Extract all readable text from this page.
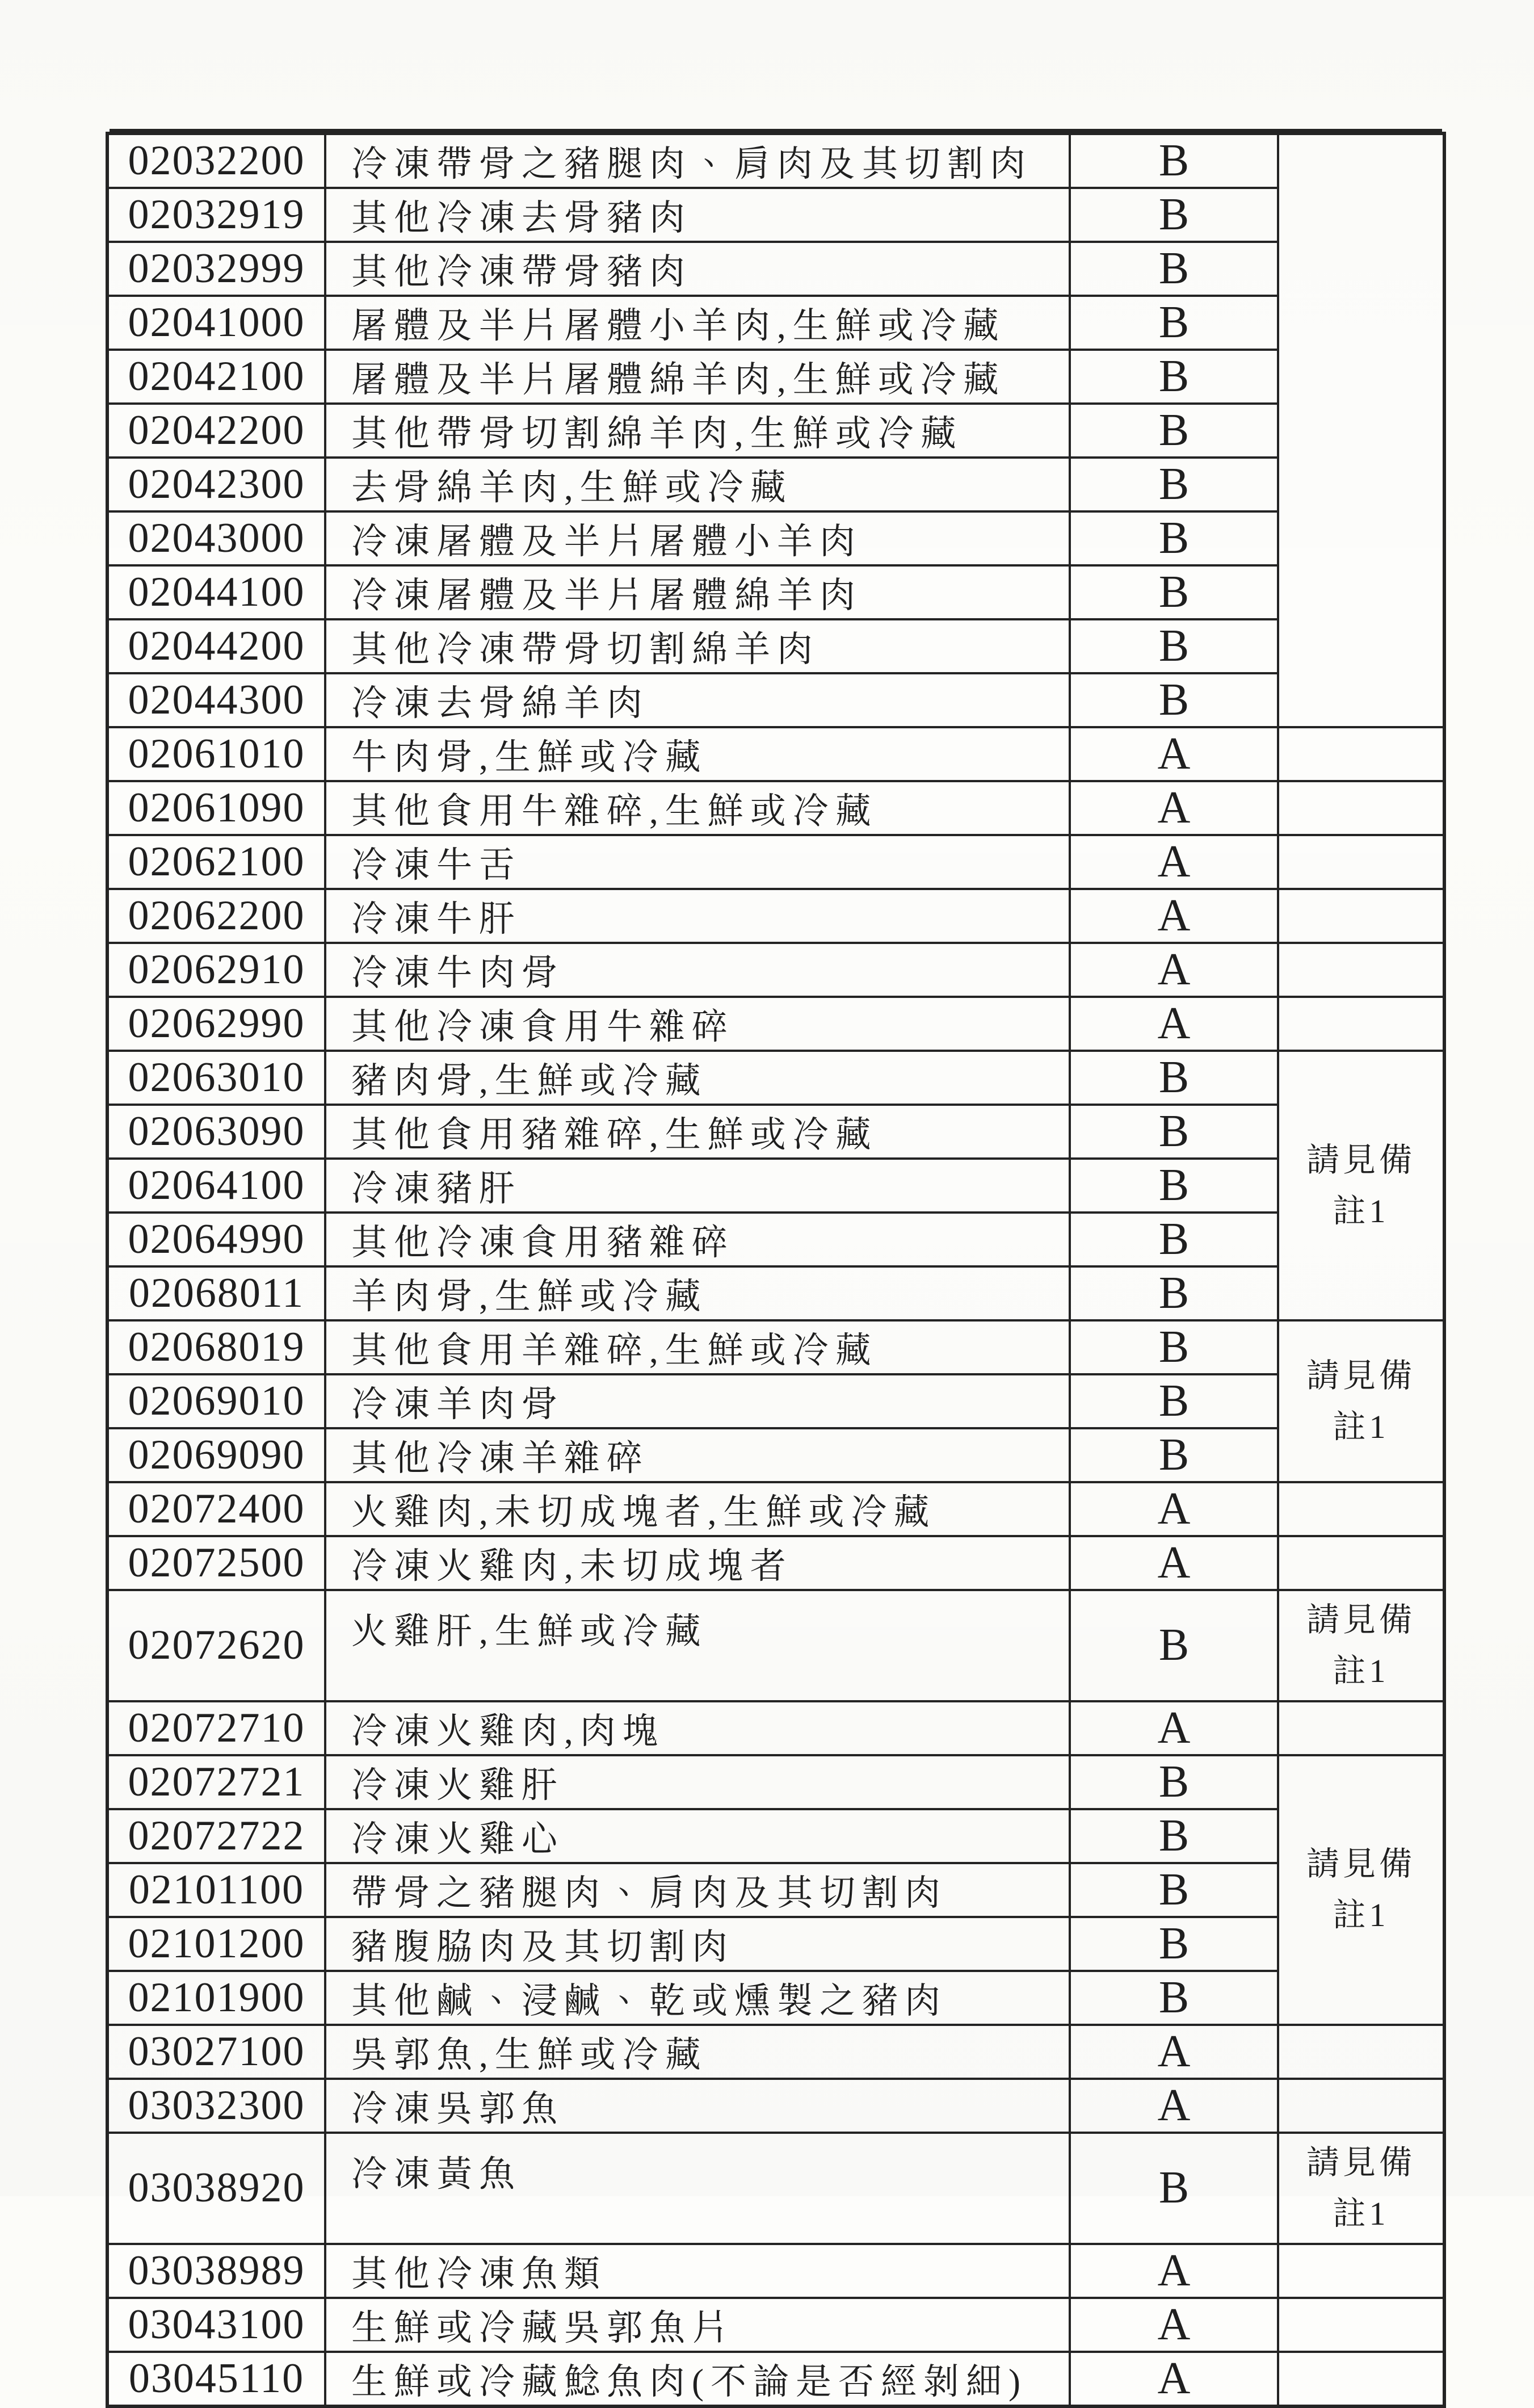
02032200	冷凍帶骨之豬腿肉、肩肉及其切割肉	B	
02032919	其他冷凍去骨豬肉	B	
02032999	其他冷凍帶骨豬肉	B	
02041000	屠體及半片屠體小羊肉,生鮮或冷藏	B	
02042100	屠體及半片屠體綿羊肉,生鮮或冷藏	B	
02042200	其他帶骨切割綿羊肉,生鮮或冷藏	B	
02042300	去骨綿羊肉,生鮮或冷藏	B	
02043000	冷凍屠體及半片屠體小羊肉	B	
02044100	冷凍屠體及半片屠體綿羊肉	B	
02044200	其他冷凍帶骨切割綿羊肉	B	
02044300	冷凍去骨綿羊肉	B	
02061010	牛肉骨,生鮮或冷藏	A	
02061090	其他食用牛雜碎,生鮮或冷藏	A	
02062100	冷凍牛舌	A	
02062200	冷凍牛肝	A	
02062910	冷凍牛肉骨	A	
02062990	其他冷凍食用牛雜碎	A	
02063010	豬肉骨,生鮮或冷藏	B	請見備註1
02063090	其他食用豬雜碎,生鮮或冷藏	B	
02064100	冷凍豬肝	B	
02064990	其他冷凍食用豬雜碎	B	
02068011	羊肉骨,生鮮或冷藏	B	
02068019	其他食用羊雜碎,生鮮或冷藏	B	請見備註1
02069010	冷凍羊肉骨	B	
02069090	其他冷凍羊雜碎	B	
02072400	火雞肉,未切成塊者,生鮮或冷藏	A	
02072500	冷凍火雞肉,未切成塊者	A	
02072620	火雞肝,生鮮或冷藏	B	請見備註1
02072710	冷凍火雞肉,肉塊	A	
02072721	冷凍火雞肝	B	請見備註1
02072722	冷凍火雞心	B	
02101100	帶骨之豬腿肉、肩肉及其切割肉	B	
02101200	豬腹脇肉及其切割肉	B	
02101900	其他鹹、浸鹹、乾或燻製之豬肉	B	
03027100	吳郭魚,生鮮或冷藏	A	
03032300	冷凍吳郭魚	A	
03038920	冷凍黃魚	B	請見備註1
03038989	其他冷凍魚類	A	
03043100	生鮮或冷藏吳郭魚片	A	
03045110	生鮮或冷藏鯰魚肉(不論是否經剝細)	A	
